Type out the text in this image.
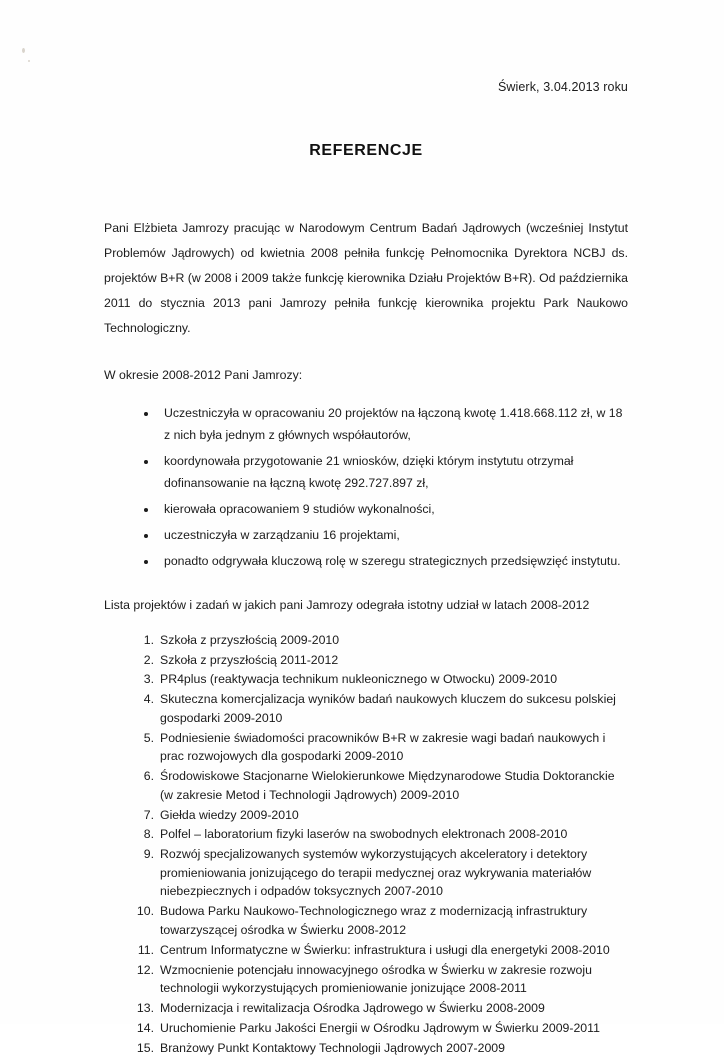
Świerk, 3.04.2013 roku
REFERENCJE

Pani Elżbieta Jamrozy pracując w Narodowym Centrum Badań Jądrowych (wcześniej Instytut Problemów Jądrowych) od kwietnia 2008 pełniła funkcję Pełnomocnika Dyrektora NCBJ ds. projektów B+R (w 2008 i 2009 także funkcję kierownika Działu Projektów B+R). Od października 2011 do stycznia 2013 pani Jamrozy pełniła funkcję kierownika projektu Park Naukowo Technologiczny.

W okresie 2008-2012 Pani Jamrozy:

Uczestniczyła w opracowaniu 20 projektów na łączoną kwotę 1.418.668.112 zł, w 18 z nich była jednym z głównych współautorów,
koordynowała przygotowanie 21 wniosków, dzięki którym instytutu otrzymał dofinansowanie na łączną kwotę 292.727.897 zł,
kierowała opracowaniem 9 studiów wykonalności,
uczestniczyła w zarządzaniu 16 projektami,
ponadto odgrywała kluczową rolę w szeregu strategicznych przedsięwzięć instytutu.
Lista projektów i zadań w jakich pani Jamrozy odegrała istotny udział w latach 2008-2012
Szkoła z przyszłością 2009-2010
Szkoła z przyszłością 2011-2012
PR4plus (reaktywacja technikum nukleonicznego w Otwocku) 2009-2010
Skuteczna komercjalizacja wyników badań naukowych kluczem do sukcesu polskiej gospodarki 2009-2010
Podniesienie świadomości pracowników B+R w zakresie wagi badań naukowych i prac rozwojowych dla gospodarki 2009-2010
Środowiskowe Stacjonarne Wielokierunkowe Międzynarodowe Studia Doktoranckie (w zakresie Metod i Technologii Jądrowych) 2009-2010
Giełda wiedzy 2009-2010
Polfel – laboratorium fizyki laserów na swobodnych elektronach 2008-2010
Rozwój specjalizowanych systemów wykorzystujących akceleratory i detektory promieniowania jonizującego do terapii medycznej oraz wykrywania materiałów niebezpiecznych i odpadów toksycznych 2007-2010
Budowa Parku Naukowo-Technologicznego wraz z modernizacją infrastruktury towarzyszącej ośrodka w Świerku 2008-2012
Centrum Informatyczne w Świerku: infrastruktura i usługi dla energetyki 2008-2010
Wzmocnienie potencjału innowacyjnego ośrodka w Świerku w zakresie rozwoju technologii wykorzystujących promieniowanie jonizujące 2008-2011
Modernizacja i rewitalizacja Ośrodka Jądrowego w Świerku 2008-2009
Uruchomienie Parku Jakości Energii w Ośrodku Jądrowym w Świerku 2009-2011
Branżowy Punkt Kontaktowy Technologii Jądrowych 2007-2009
